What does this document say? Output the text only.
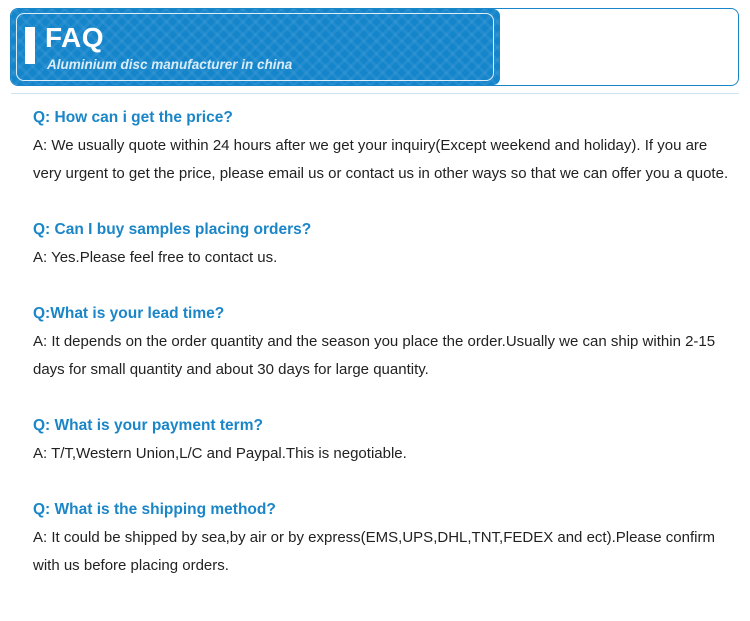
FAQ
Aluminium disc manufacturer in china
Q: How can i get the price?
A: We usually quote within 24 hours after we get your inquiry(Except weekend and holiday). If you are very urgent to get the price, please email us or contact us in other ways so that we can offer you a quote.
Q: Can I buy samples placing orders?
A: Yes.Please feel free to contact us.
Q:What is your lead time?
A: It depends on the order quantity and the season you place the order.Usually we can ship within 2-15 days for small quantity and about 30 days for large quantity.
Q: What is your payment term?
A: T/T,Western Union,L/C and Paypal.This is negotiable.
Q: What is the shipping method?
A: It could be shipped by sea,by air or by express(EMS,UPS,DHL,TNT,FEDEX and ect).Please confirm with us before placing orders.
